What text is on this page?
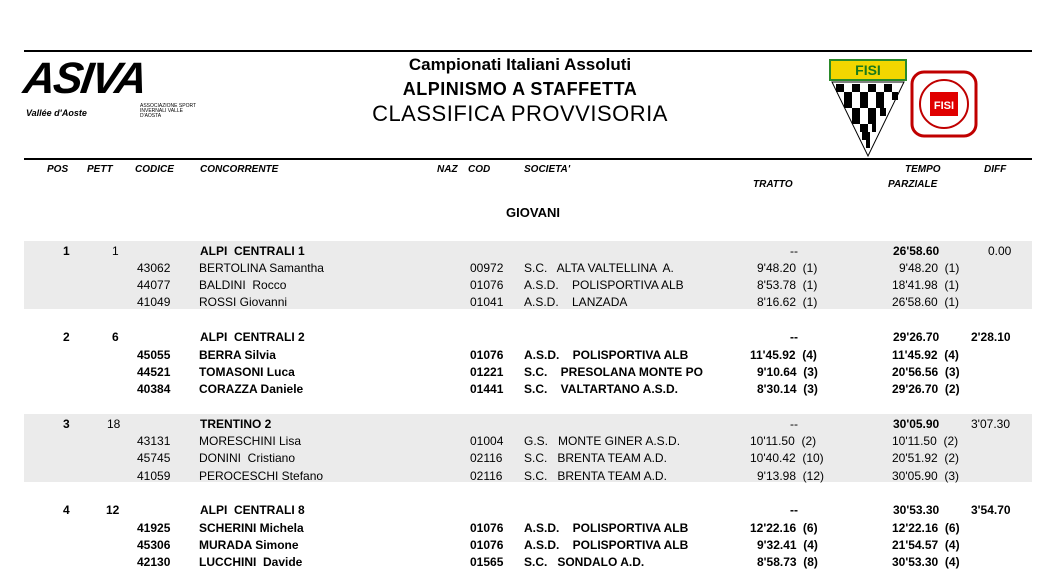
ASIVA
Vallée d'Aoste
ASSOCIAZIONE SPORT INVERNALI VALLE D'AOSTA
Campionati Italiani Assoluti
ALPINISMO A STAFFETTA
CLASSIFICA PROVVISORIA
FISI
FISI
POS PETT CODICE	CONCORRENTE	NAZ COD	SOCIETA'	TEMPO	DIFF
TRATTO	PARZIALE
GIOVANI
1	1	ALPI  CENTRALI 1	--	26'58.60	0.00
43062 BERTOLINA Samantha	00972 S.C.   ALTA VALTELLINA  A.	9'48.20  (1)	9'48.20  (1)
44077 BALDINI  Rocco	01076 A.S.D.    POLISPORTIVA ALB	8'53.78  (1)	18'41.98  (1)
41049 ROSSI Giovanni	01041 A.S.D.    LANZADA	8'16.62  (1)	26'58.60  (1)
2	6	ALPI  CENTRALI 2	--	29'26.70	2'28.10
45055 BERRA Silvia	01076 A.S.D.    POLISPORTIVA ALB	11'45.92  (4)	11'45.92  (4)
44521 TOMASONI Luca	01221 S.C.    PRESOLANA MONTE PO	9'10.64  (3)	20'56.56  (3)
40384 CORAZZA Daniele	01441 S.C.    VALTARTANO A.S.D.	8'30.14  (3)	29'26.70  (2)
3	18	TRENTINO 2	--	30'05.90	3'07.30
43131 MORESCHINI Lisa	01004 G.S.   MONTE GINER A.S.D.	10'11.50  (2)	10'11.50  (2)
45745 DONINI  Cristiano	02116 S.C.   BRENTA TEAM A.D.	10'40.42  (10)	20'51.92  (2)
41059 PEROCESCHI Stefano	02116 S.C.   BRENTA TEAM A.D.	9'13.98  (12)	30'05.90  (3)
4	12	ALPI  CENTRALI 8	--	30'53.30	3'54.70
41925 SCHERINI Michela	01076 A.S.D.    POLISPORTIVA ALB	12'22.16  (6)	12'22.16  (6)
45306 MURADA Simone	01076 A.S.D.    POLISPORTIVA ALB	9'32.41  (4)	21'54.57  (4)
42130 LUCCHINI  Davide	01565 S.C.   SONDALO A.D.	8'58.73  (8)	30'53.30  (4)
